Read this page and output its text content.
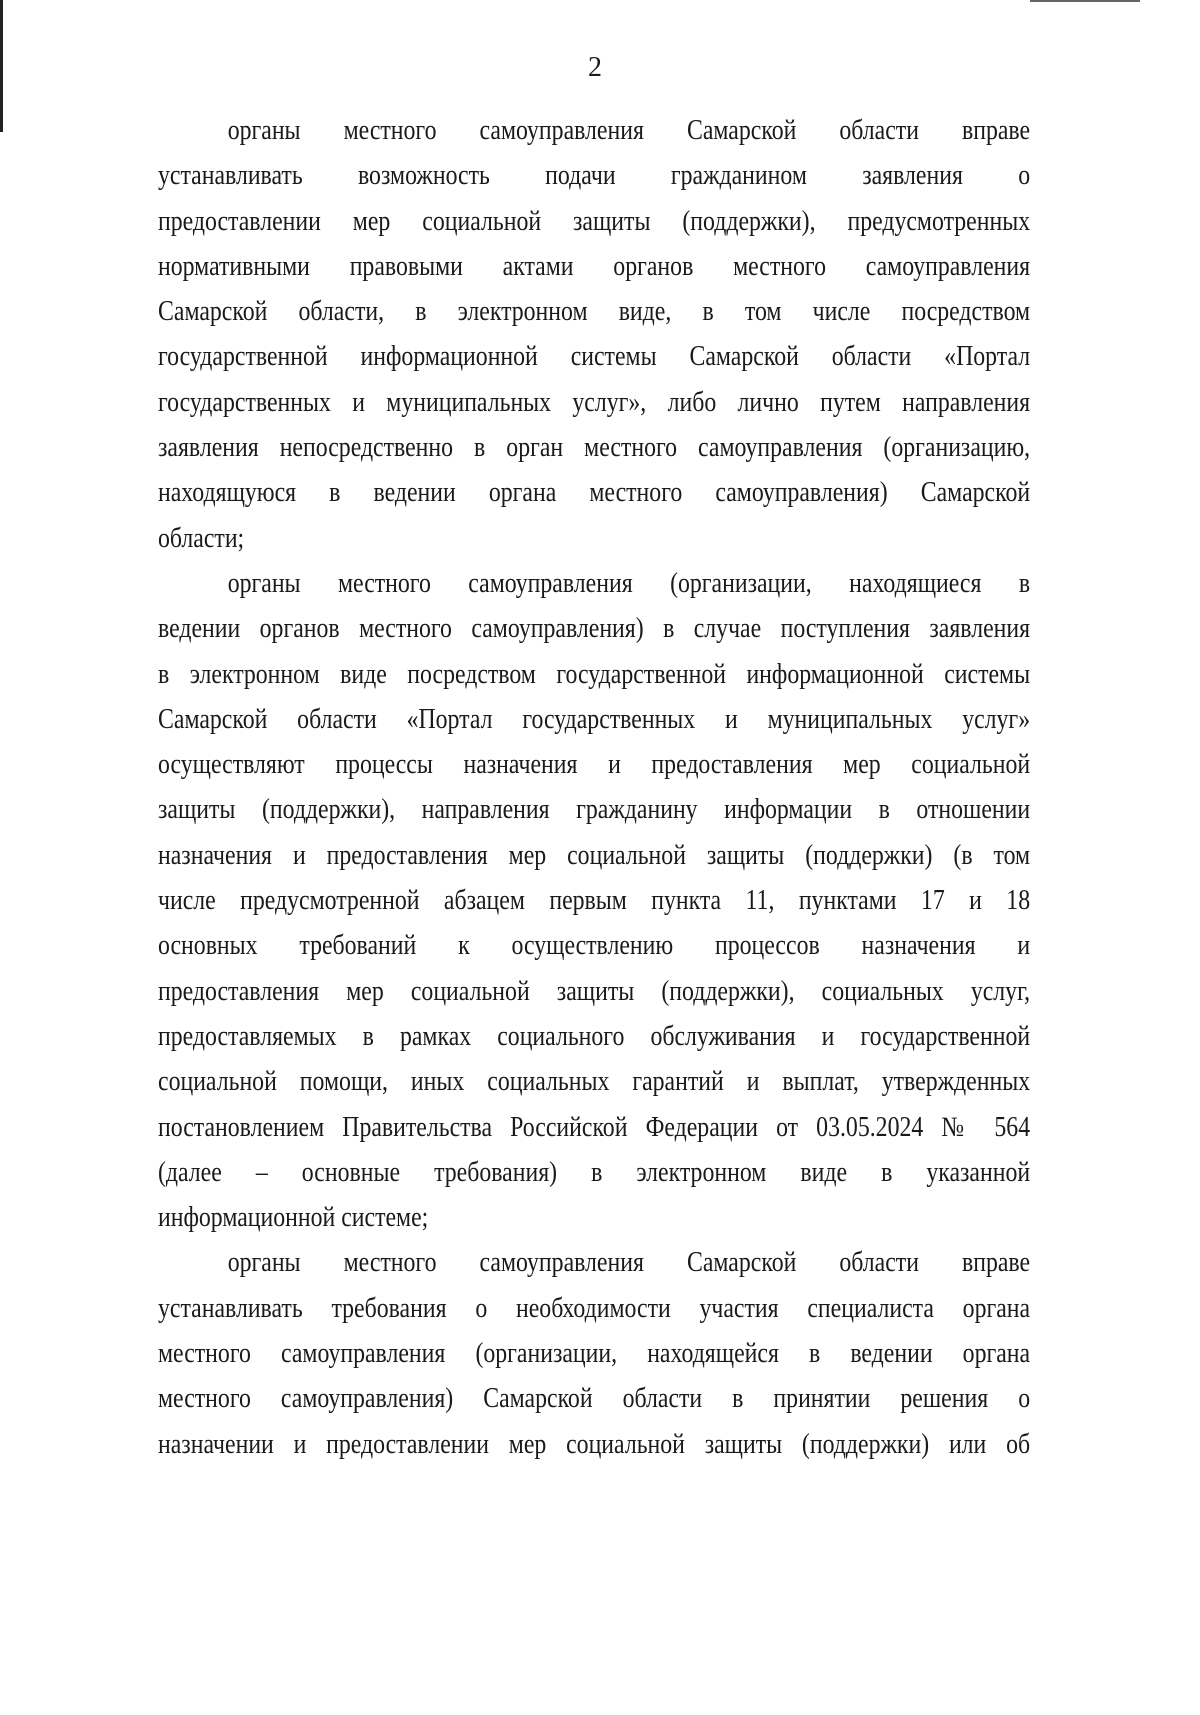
2
органы местного самоуправления Самарской области вправе
устанавливать возможность подачи гражданином заявления о
предоставлении мер социальной защиты (поддержки), предусмотренных
нормативными правовыми актами органов местного самоуправления
Самарской области, в электронном виде, в том числе посредством
государственной информационной системы Самарской области «Портал
государственных и муниципальных услуг», либо лично путем направления
заявления непосредственно в орган местного самоуправления (организацию,
находящуюся в ведении органа местного самоуправления) Самарской
области;
органы местного самоуправления (организации, находящиеся в
ведении органов местного самоуправления) в случае поступления заявления
в электронном виде посредством государственной информационной системы
Самарской области «Портал государственных и муниципальных услуг»
осуществляют процессы назначения и предоставления мер социальной
защиты (поддержки), направления гражданину информации в отношении
назначения и предоставления мер социальной защиты (поддержки) (в том
числе предусмотренной абзацем первым пункта 11, пунктами 17 и 18
основных требований к осуществлению процессов назначения и
предоставления мер социальной защиты (поддержки), социальных услуг,
предоставляемых в рамках социального обслуживания и государственной
социальной помощи, иных социальных гарантий и выплат, утвержденных
постановлением Правительства Российской Федерации от 03.05.2024 № 564
(далее – основные требования) в электронном виде в указанной
информационной системе;
органы местного самоуправления Самарской области вправе
устанавливать требования о необходимости участия специалиста органа
местного самоуправления (организации, находящейся в ведении органа
местного самоуправления) Самарской области в принятии решения о
назначении и предоставлении мер социальной защиты (поддержки) или об
